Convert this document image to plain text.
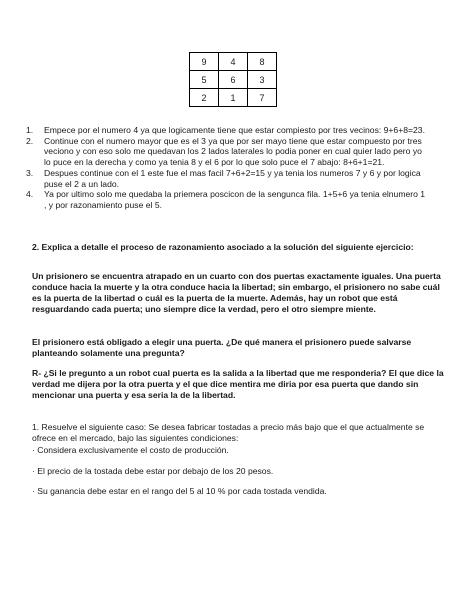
9	4	8
5	6	3
2	1	7
1. Empece por el numero 4 ya que logicamente tiene que estar compiesto por tres vecinos: 9+6+8=23.
2. Continue con el numero mayor que es el 3 ya que por ser mayo tiene que estar compuesto por tres veciono y con eso solo me quedavan los 2 lados laterales lo podia poner en cual quier lado pero yo lo puce en la derecha y como ya tenia 8 y el 6 por lo que solo puce el 7 abajo: 8+6+1=21.
3. Despues continue con el 1 este fue el mas facil 7+6+2=15 y ya tenia los numeros 7 y 6 y por logica puse el 2 a un lado.
4. Ya por ultimo solo me quedaba la priemera poscicon de la sengunca fila. 1+5+6 ya tenia elnumero 1 , y por razonamiento puse el 5.

2. Explica a detalle el proceso de razonamiento asociado a la solución del siguiente ejercicio:

Un prisionero se encuentra atrapado en un cuarto con dos puertas exactamente iguales. Una puerta conduce hacia la muerte y la otra conduce hacia la libertad; sin embargo, el prisionero no sabe cuál es la puerta de la libertad o cuál es la puerta de la muerte. Además, hay un robot que está resguardando cada puerta; uno siempre dice la verdad, pero el otro siempre miente.

El prisionero está obligado a elegir una puerta. ¿De qué manera el prisionero puede salvarse planteando solamente una pregunta?

R- ¿Si le pregunto a un robot cual puerta es la salida a la libertad que me responderia? El que dice la verdad me dijera por la otra puerta y el que dice mentira me diria por esa puerta que dando sin mencionar una puerta y esa seria la de la libertad.

1. Resuelve el siguiente caso: Se desea fabricar tostadas a precio más bajo que el que actualmente se ofrece en el mercado, bajo las siguientes condiciones:

· Considera exclusivamente el costo de producción.

· El precio de la tostada debe estar por debajo de los 20 pesos.

· Su ganancia debe estar en el rango del 5 al 10 % por cada tostada vendida.
